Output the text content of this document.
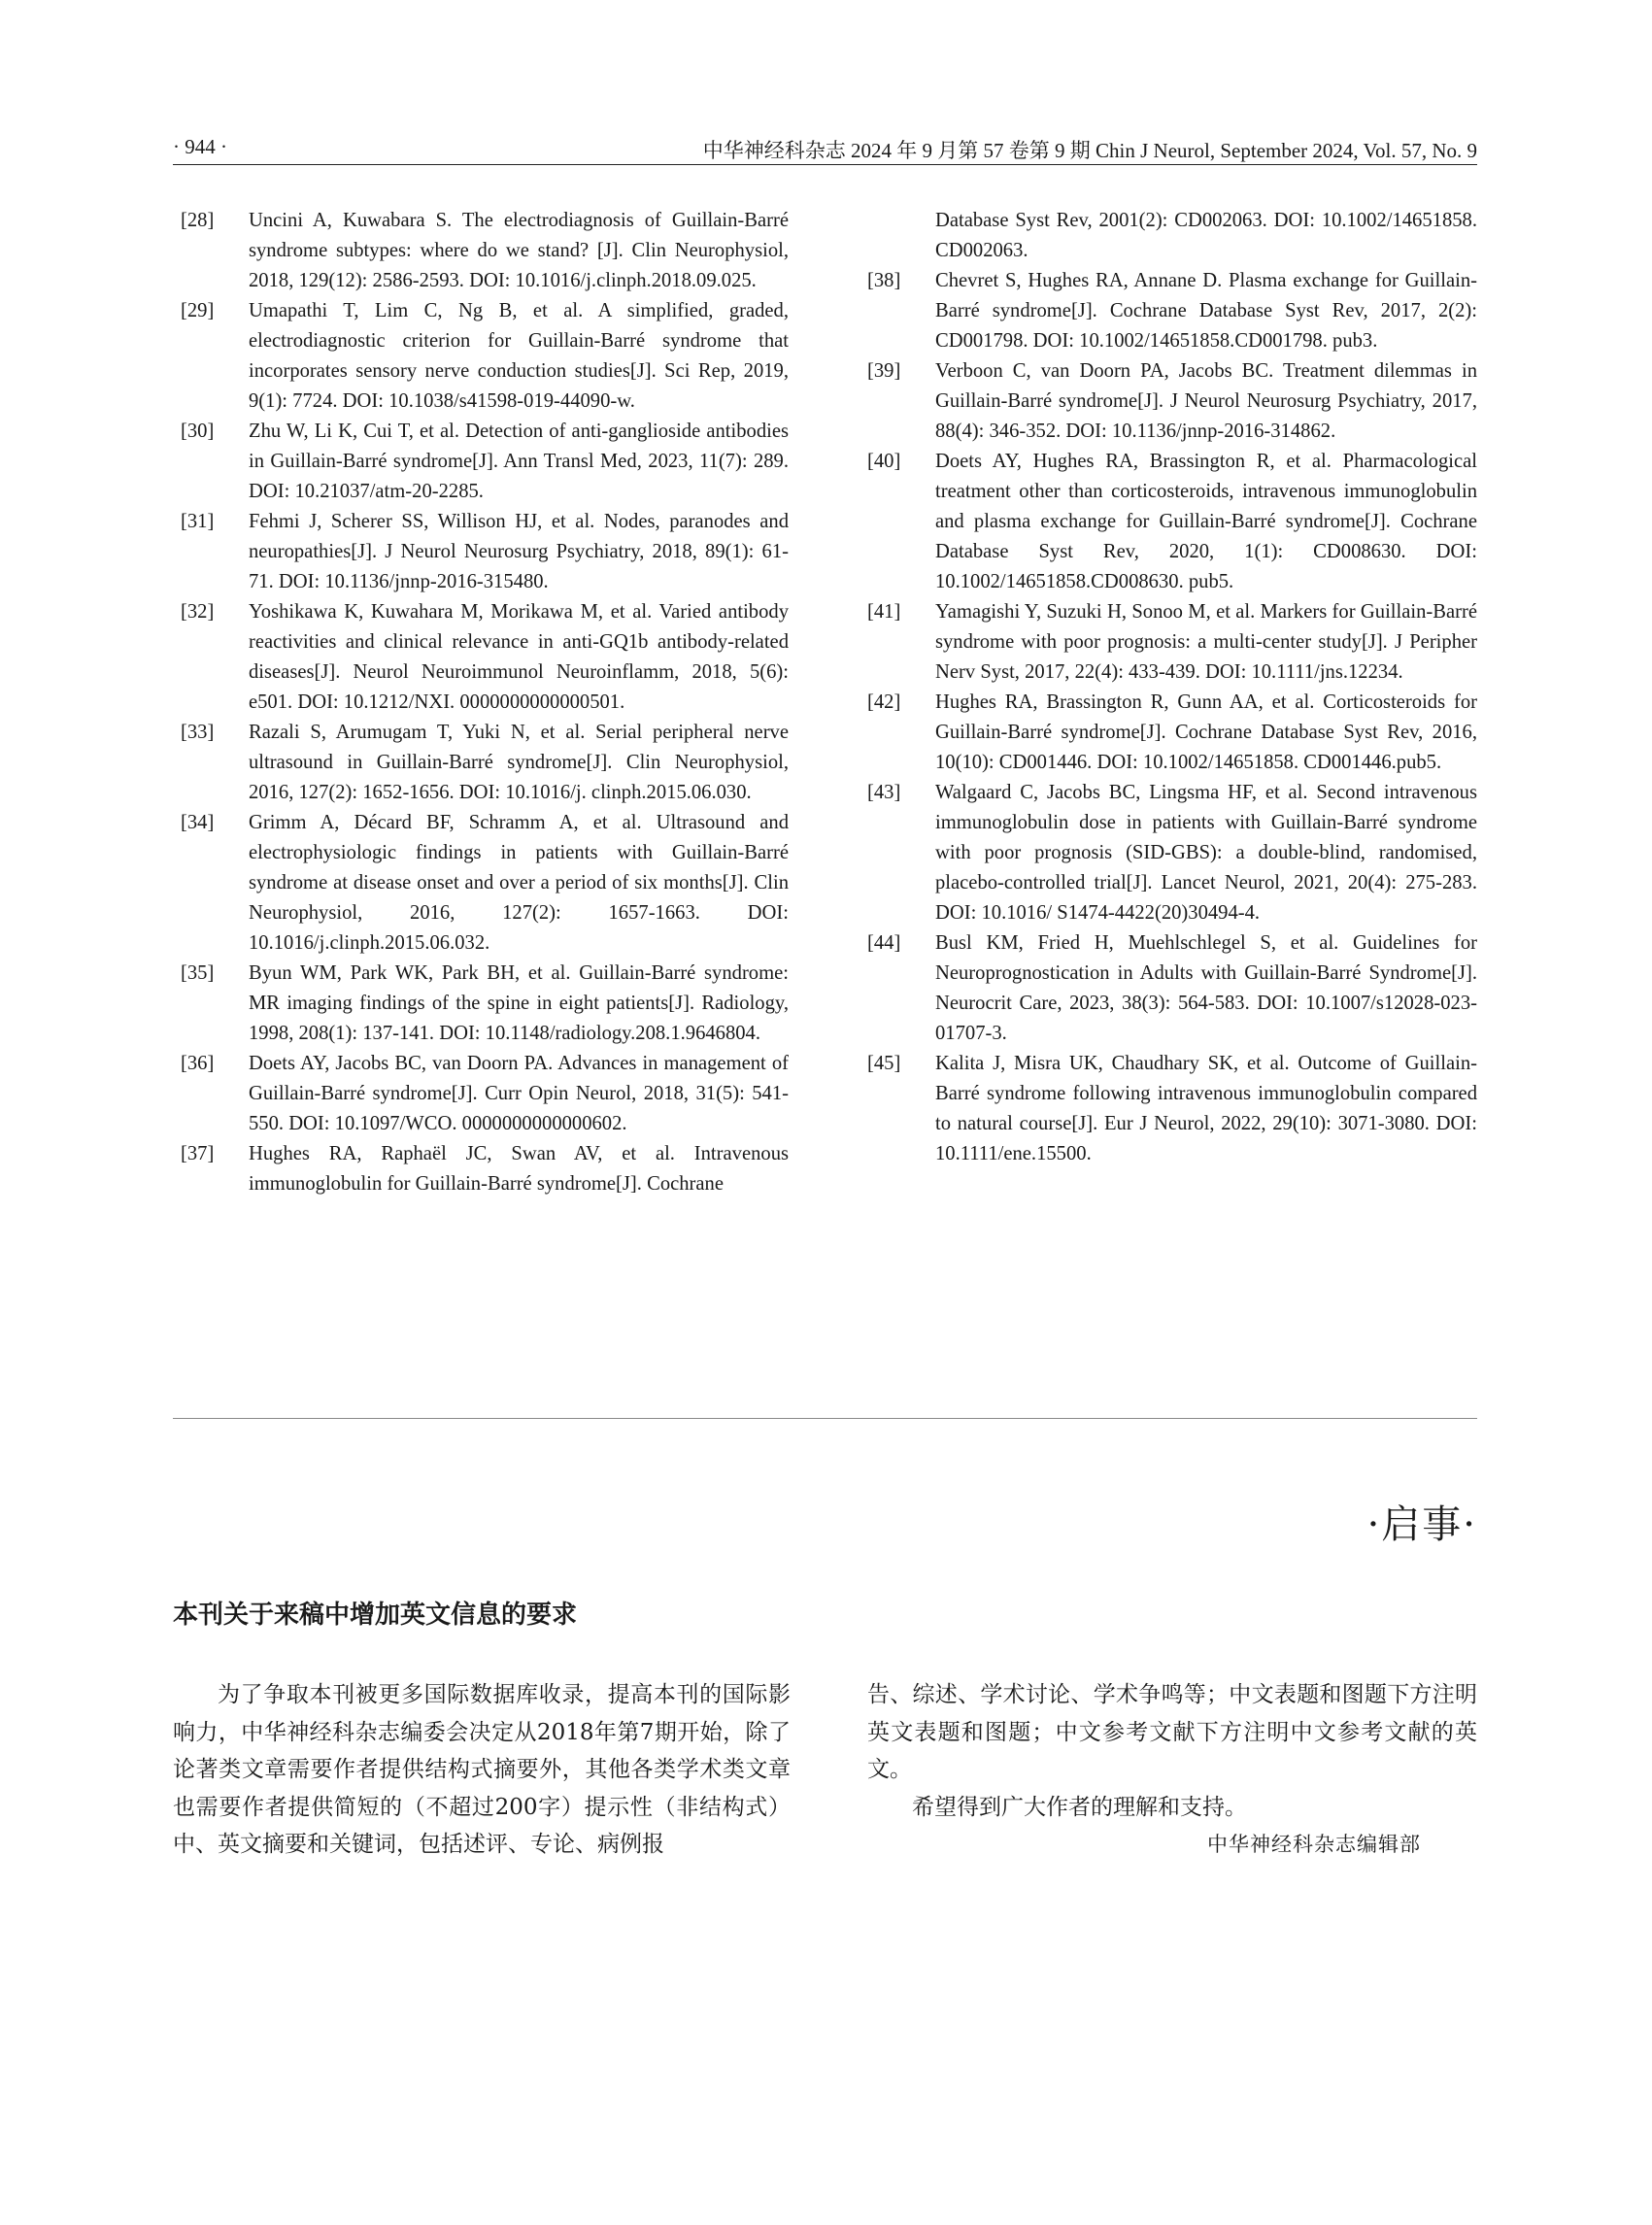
· 944 ·	中华神经科杂志 2024 年 9 月第 57 卷第 9 期 Chin J Neurol, September 2024, Vol. 57, No. 9
[28]	Uncini A, Kuwabara S. The electrodiagnosis of Guillain-Barré syndrome subtypes: where do we stand? [J]. Clin Neurophysiol, 2018, 129(12): 2586-2593. DOI: 10.1016/j.clinph.2018.09.025.
[29]	Umapathi T, Lim C, Ng B, et al. A simplified, graded, electrodiagnostic criterion for Guillain-Barré syndrome that incorporates sensory nerve conduction studies[J]. Sci Rep, 2019, 9(1): 7724. DOI: 10.1038/s41598-019-44090-w.
[30]	Zhu W, Li K, Cui T, et al. Detection of anti-ganglioside antibodies in Guillain-Barré syndrome[J]. Ann Transl Med, 2023, 11(7): 289. DOI: 10.21037/atm-20-2285.
[31]	Fehmi J, Scherer SS, Willison HJ, et al. Nodes, paranodes and neuropathies[J]. J Neurol Neurosurg Psychiatry, 2018, 89(1): 61-71. DOI: 10.1136/jnnp-2016-315480.
[32]	Yoshikawa K, Kuwahara M, Morikawa M, et al. Varied antibody reactivities and clinical relevance in anti-GQ1b antibody-related diseases[J]. Neurol Neuroimmunol Neuroinflamm, 2018, 5(6): e501. DOI: 10.1212/NXI. 0000000000000501.
[33]	Razali S, Arumugam T, Yuki N, et al. Serial peripheral nerve ultrasound in Guillain-Barré syndrome[J]. Clin Neurophysiol, 2016, 127(2): 1652-1656. DOI: 10.1016/j. clinph.2015.06.030.
[34]	Grimm A, Décard BF, Schramm A, et al. Ultrasound and electrophysiologic findings in patients with Guillain-Barré syndrome at disease onset and over a period of six months[J]. Clin Neurophysiol, 2016, 127(2): 1657-1663. DOI: 10.1016/j.clinph.2015.06.032.
[35]	Byun WM, Park WK, Park BH, et al. Guillain-Barré syndrome: MR imaging findings of the spine in eight patients[J]. Radiology, 1998, 208(1): 137-141. DOI: 10.1148/radiology.208.1.9646804.
[36]	Doets AY, Jacobs BC, van Doorn PA. Advances in management of Guillain-Barré syndrome[J]. Curr Opin Neurol, 2018, 31(5): 541-550. DOI: 10.1097/WCO. 0000000000000602.
[37]	Hughes RA, Raphaël JC, Swan AV, et al. Intravenous immunoglobulin for Guillain-Barré syndrome[J]. Cochrane
Database Syst Rev, 2001(2): CD002063. DOI: 10.1002/14651858. CD002063.
[38]	Chevret S, Hughes RA, Annane D. Plasma exchange for Guillain-Barré syndrome[J]. Cochrane Database Syst Rev, 2017, 2(2): CD001798. DOI: 10.1002/14651858.CD001798. pub3.
[39]	Verboon C, van Doorn PA, Jacobs BC. Treatment dilemmas in Guillain-Barré syndrome[J]. J Neurol Neurosurg Psychiatry, 2017, 88(4): 346-352. DOI: 10.1136/jnnp-2016-314862.
[40]	Doets AY, Hughes RA, Brassington R, et al. Pharmacological treatment other than corticosteroids, intravenous immunoglobulin and plasma exchange for Guillain-Barré syndrome[J]. Cochrane Database Syst Rev, 2020, 1(1): CD008630. DOI: 10.1002/14651858.CD008630. pub5.
[41]	Yamagishi Y, Suzuki H, Sonoo M, et al. Markers for Guillain-Barré syndrome with poor prognosis: a multi-center study[J]. J Peripher Nerv Syst, 2017, 22(4): 433-439. DOI: 10.1111/jns.12234.
[42]	Hughes RA, Brassington R, Gunn AA, et al. Corticosteroids for Guillain-Barré syndrome[J]. Cochrane Database Syst Rev, 2016, 10(10): CD001446. DOI: 10.1002/14651858. CD001446.pub5.
[43]	Walgaard C, Jacobs BC, Lingsma HF, et al. Second intravenous immunoglobulin dose in patients with Guillain-Barré syndrome with poor prognosis (SID-GBS): a double-blind, randomised, placebo-controlled trial[J]. Lancet Neurol, 2021, 20(4): 275-283. DOI: 10.1016/ S1474-4422(20)30494-4.
[44]	Busl KM, Fried H, Muehlschlegel S, et al. Guidelines for Neuroprognostication in Adults with Guillain-Barré Syndrome[J]. Neurocrit Care, 2023, 38(3): 564-583. DOI: 10.1007/s12028-023-01707-3.
[45]	Kalita J, Misra UK, Chaudhary SK, et al. Outcome of Guillain-Barré syndrome following intravenous immunoglobulin compared to natural course[J]. Eur J Neurol, 2022, 29(10): 3071-3080. DOI: 10.1111/ene.15500.
·启事·
本刊关于来稿中增加英文信息的要求

为了争取本刊被更多国际数据库收录，提高本刊的国际影响力，中华神经科杂志编委会决定从2018年第7期开始，除了论著类文章需要作者提供结构式摘要外，其他各类学术类文章也需要作者提供简短的（不超过200字）提示性（非结构式）中、英文摘要和关键词，包括述评、专论、病例报

告、综述、学术讨论、学术争鸣等；中文表题和图题下方注明英文表题和图题；中文参考文献下方注明中文参考文献的英文。

希望得到广大作者的理解和支持。

中华神经科杂志编辑部
